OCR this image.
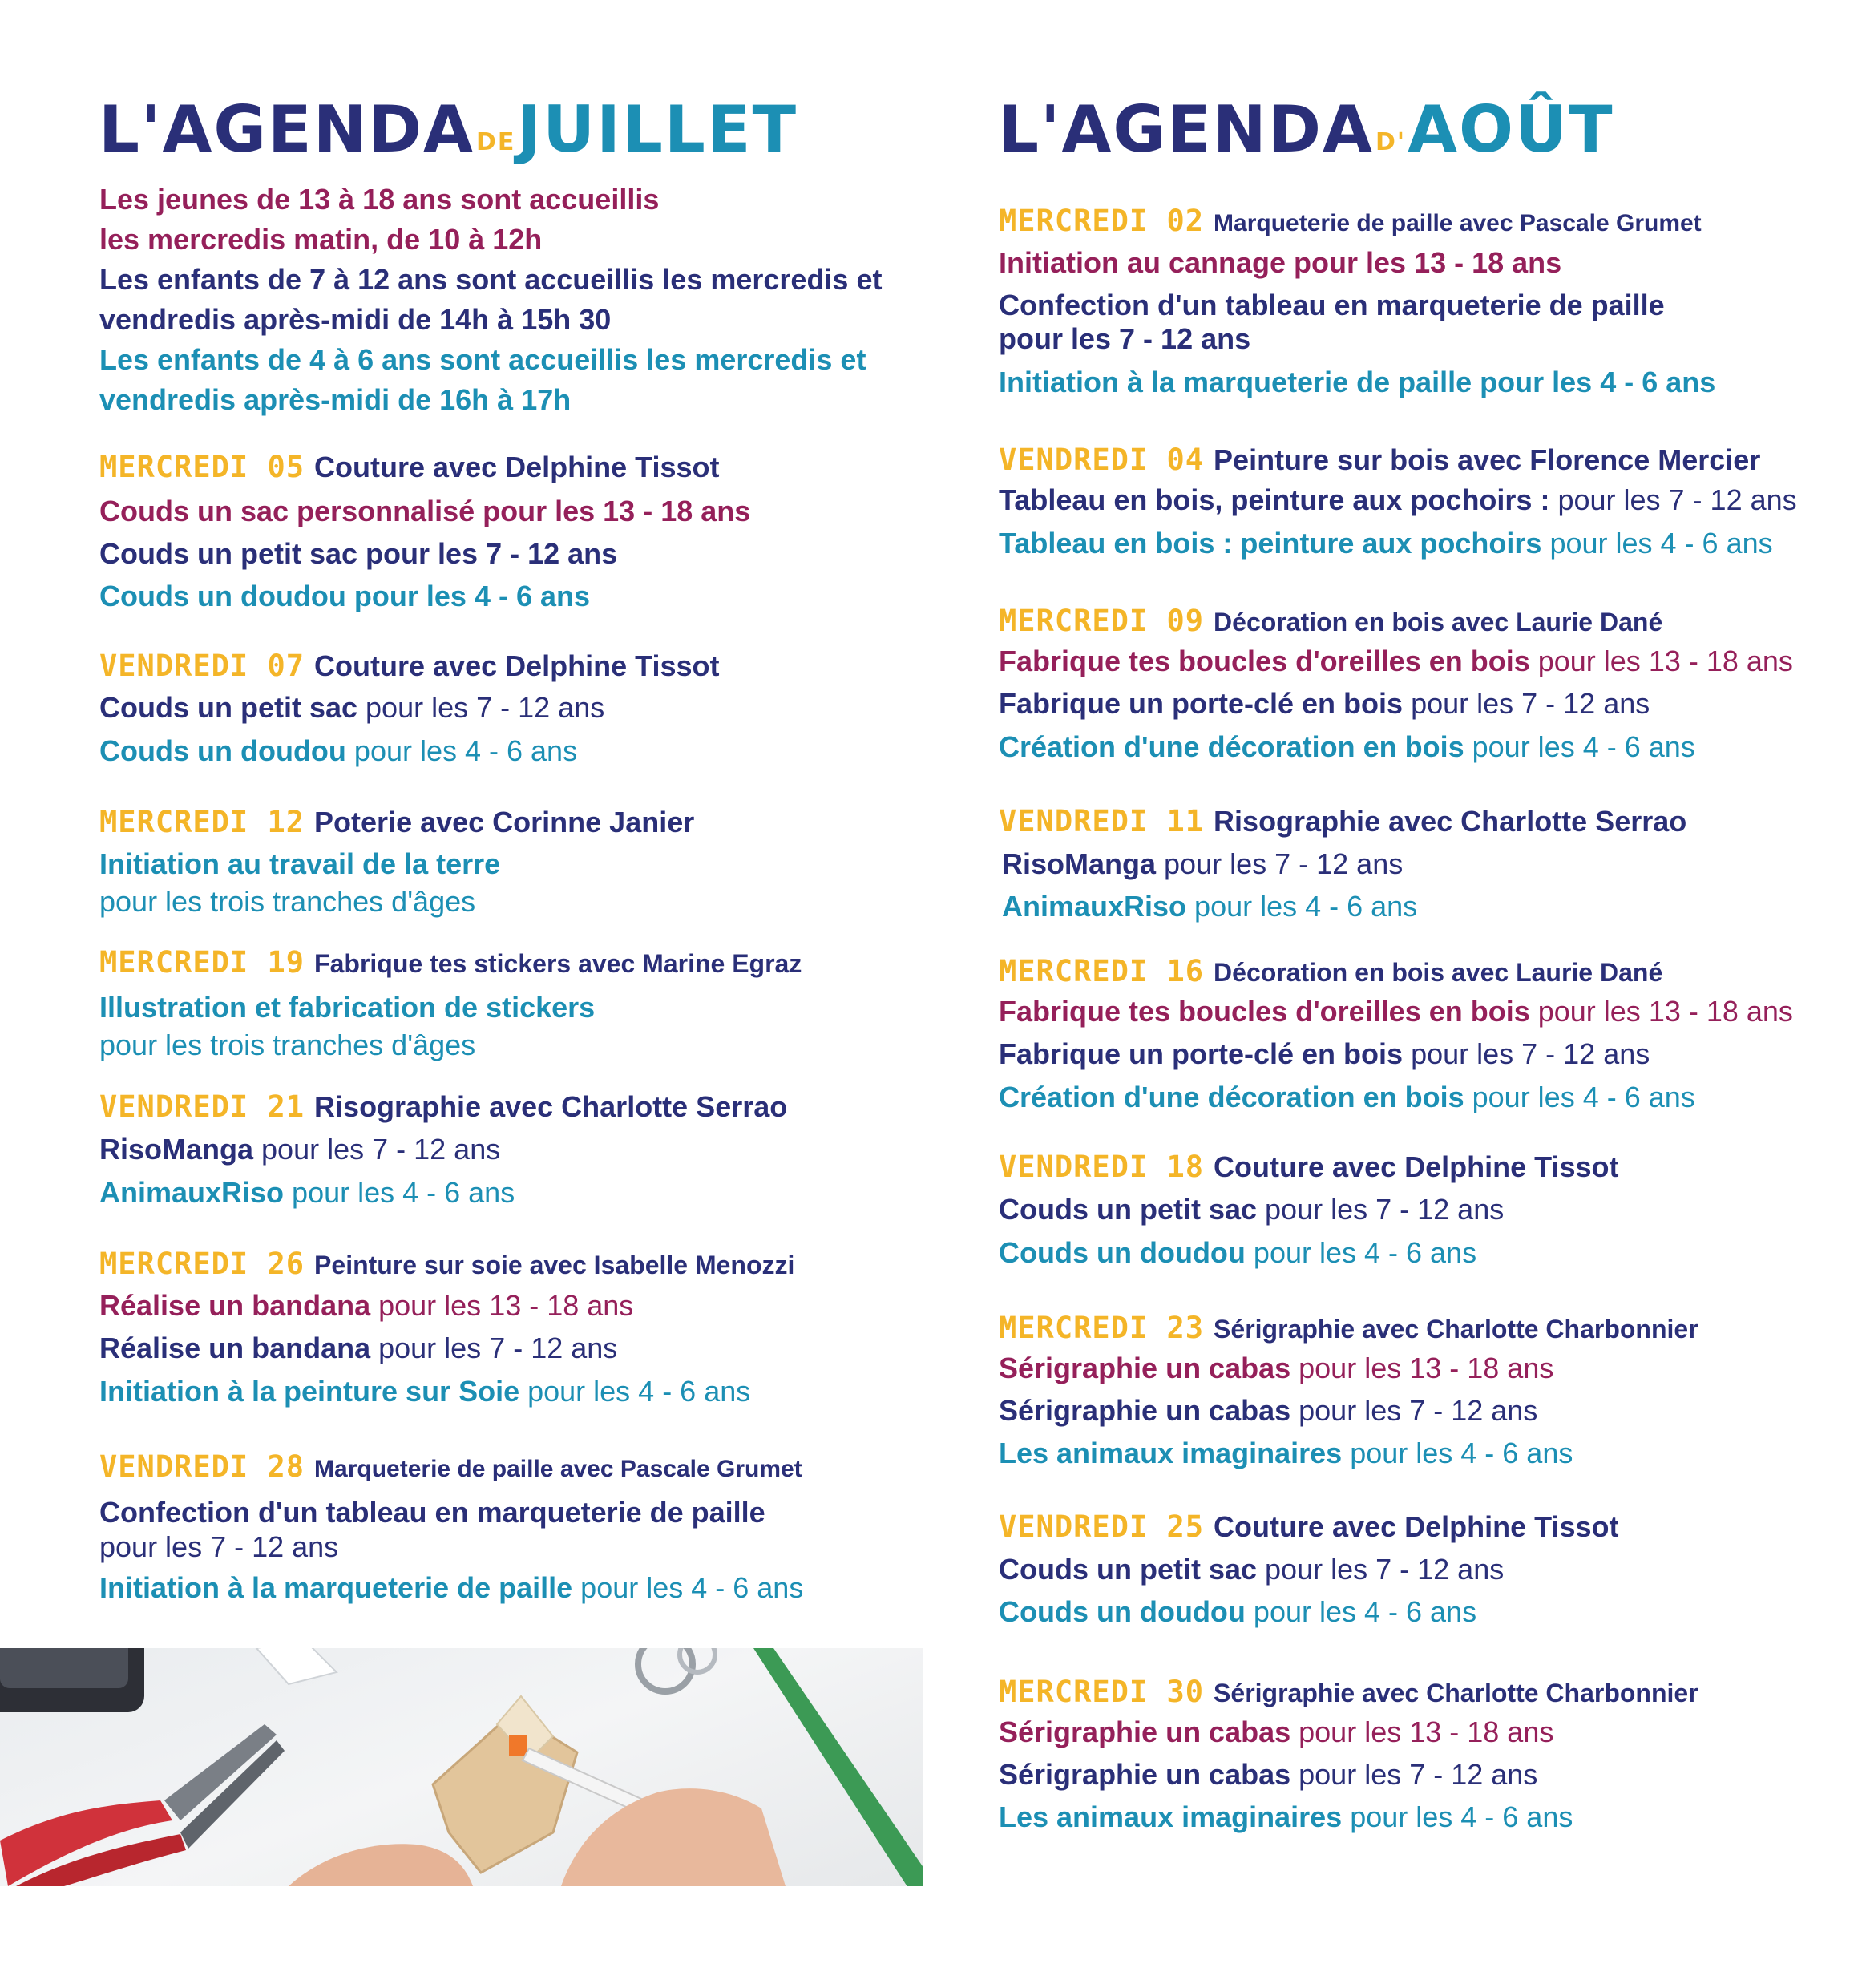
L'AGENDADEJUILLET
Les jeunes de 13 à 18 ans sont accueillis
les mercredis matin, de 10 à 12h
Les enfants de 7 à 12 ans sont accueillis les mercredis et
vendredis après-midi de 14h à 15h 30
Les enfants de 4 à 6 ans sont accueillis les mercredis et
vendredis après-midi de 16h à 17h
MERCREDI 05 Couture avec Delphine Tissot
Couds un sac personnalisé pour les 13 - 18 ans
Couds un petit sac pour les 7 - 12 ans
Couds un doudou pour les 4 - 6 ans
VENDREDI 07 Couture avec Delphine Tissot
Couds un petit sac pour les 7 - 12 ans
Couds un doudou pour les 4 - 6 ans
MERCREDI 12 Poterie avec Corinne Janier
Initiation au travail de la terre
pour les trois tranches d'âges
MERCREDI 19 Fabrique tes stickers avec Marine Egraz
Illustration et fabrication de stickers
pour les trois tranches d'âges
VENDREDI 21 Risographie avec Charlotte Serrao
RisoManga pour les 7 - 12 ans
AnimauxRiso pour les 4 - 6 ans
MERCREDI 26 Peinture sur soie avec Isabelle Menozzi
Réalise un bandana pour les 13 - 18 ans
Réalise un bandana pour les 7 - 12 ans
Initiation à la peinture sur Soie pour les 4 - 6 ans
VENDREDI 28 Marqueterie de paille avec Pascale Grumet
Confection d'un tableau en marqueterie de paille
pour les 7 - 12 ans
Initiation à la marqueterie de paille pour les 4 - 6 ans
L'AGENDAD'AOÛT
MERCREDI 02 Marqueterie de paille avec Pascale Grumet
Initiation au cannage pour les 13 - 18 ans
Confection d'un tableau en marqueterie de paille
pour les 7 - 12 ans
Initiation à la marqueterie de paille pour les 4 - 6 ans
VENDREDI 04 Peinture sur bois avec Florence Mercier
Tableau en bois, peinture aux pochoirs : pour les 7 - 12 ans
Tableau en bois : peinture aux pochoirs pour les 4 - 6 ans
MERCREDI 09 Décoration en bois avec Laurie Dané
Fabrique tes boucles d'oreilles en bois pour les 13 - 18 ans
Fabrique un porte-clé en bois pour les 7 - 12 ans
Création d'une décoration en bois pour les 4 - 6 ans
VENDREDI 11 Risographie avec Charlotte Serrao
RisoManga pour les 7 - 12 ans
AnimauxRiso pour les 4 - 6 ans
MERCREDI 16 Décoration en bois avec Laurie Dané
Fabrique tes boucles d'oreilles en bois pour les 13 - 18 ans
Fabrique un porte-clé en bois pour les 7 - 12 ans
Création d'une décoration en bois pour les 4 - 6 ans
VENDREDI 18 Couture avec Delphine Tissot
Couds un petit sac pour les 7 - 12 ans
Couds un doudou pour les 4 - 6 ans
MERCREDI 23 Sérigraphie avec Charlotte Charbonnier
Sérigraphie un cabas pour les 13 - 18 ans
Sérigraphie un cabas pour les 7 - 12 ans
Les animaux imaginaires pour les 4 - 6 ans
VENDREDI 25 Couture avec Delphine Tissot
Couds un petit sac pour les 7 - 12 ans
Couds un doudou pour les 4 - 6 ans
MERCREDI 30 Sérigraphie avec Charlotte Charbonnier
Sérigraphie un cabas pour les 13 - 18 ans
Sérigraphie un cabas pour les 7 - 12 ans
Les animaux imaginaires pour les 4 - 6 ans
